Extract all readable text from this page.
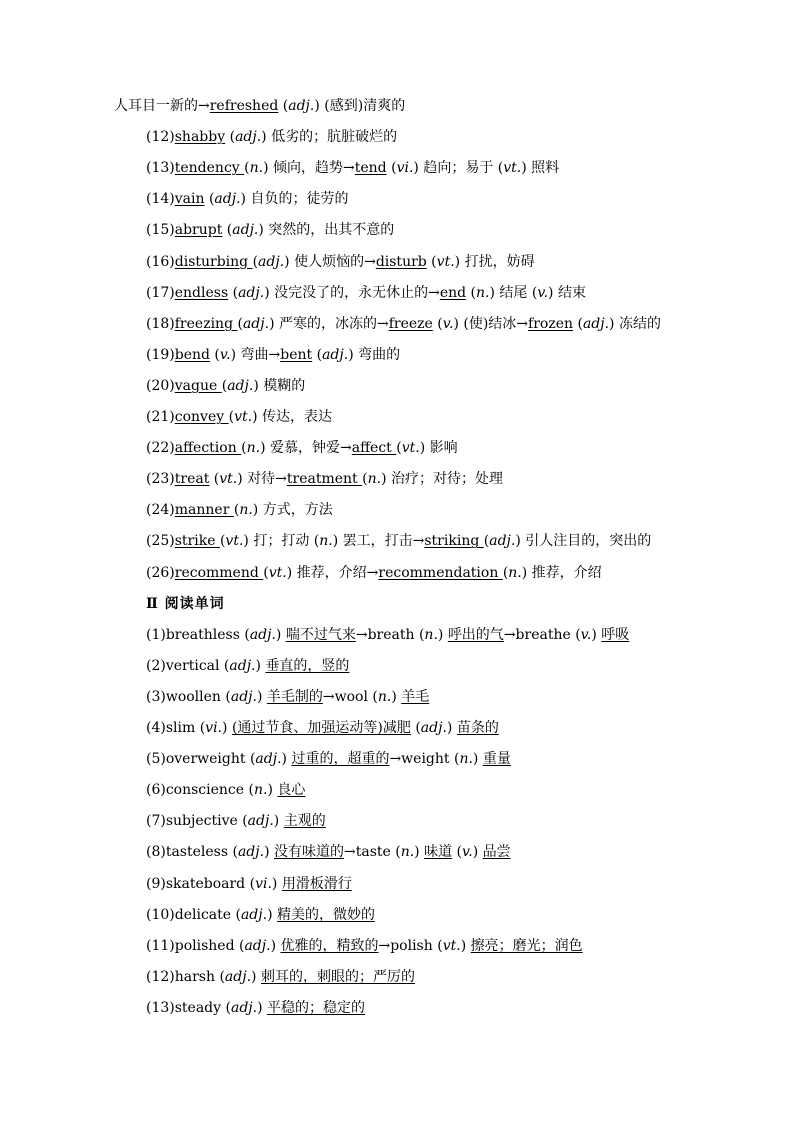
人耳目一新的→refreshed (adj.) (感到)清爽的
(12)shabby (adj.) 低劣的；肮脏破烂的
(13)tendency (n.) 倾向，趋势→tend (vi.) 趋向；易于 (vt.) 照料
(14)vain (adj.) 自负的；徒劳的
(15)abrupt (adj.) 突然的，出其不意的
(16)disturbing (adj.) 使人烦恼的→disturb (vt.) 打扰，妨碍
(17)endless (adj.) 没完没了的，永无休止的→end (n.) 结尾 (v.) 结束
(18)freezing (adj.) 严寒的，冰冻的→freeze (v.) (使)结冰→frozen (adj.) 冻结的
(19)bend (v.) 弯曲→bent (adj.) 弯曲的
(20)vague (adj.) 模糊的
(21)convey (vt.) 传达，表达
(22)affection (n.) 爱慕，钟爱→affect (vt.) 影响
(23)treat (vt.) 对待→treatment (n.) 治疗；对待；处理
(24)manner (n.) 方式，方法
(25)strike (vt.) 打；打动 (n.) 罢工，打击→striking (adj.) 引人注目的，突出的
(26)recommend (vt.) 推荐，介绍→recommendation (n.) 推荐，介绍
Ⅱ 阅读单词
(1)breathless (adj.) 喘不过气来→breath (n.) 呼出的气→breathe (v.) 呼吸
(2)vertical (adj.) 垂直的，竖的
(3)woollen (adj.) 羊毛制的→wool (n.) 羊毛
(4)slim (vi.) (通过节食、加强运动等)减肥 (adj.) 苗条的
(5)overweight (adj.) 过重的，超重的→weight (n.) 重量
(6)conscience (n.) 良心
(7)subjective (adj.) 主观的
(8)tasteless (adj.) 没有味道的→taste (n.) 味道 (v.) 品尝
(9)skateboard (vi.) 用滑板滑行
(10)delicate (adj.) 精美的，微妙的
(11)polished (adj.) 优雅的，精致的→polish (vt.) 擦亮；磨光；润色
(12)harsh (adj.) 刺耳的，刺眼的；严厉的
(13)steady (adj.) 平稳的；稳定的
